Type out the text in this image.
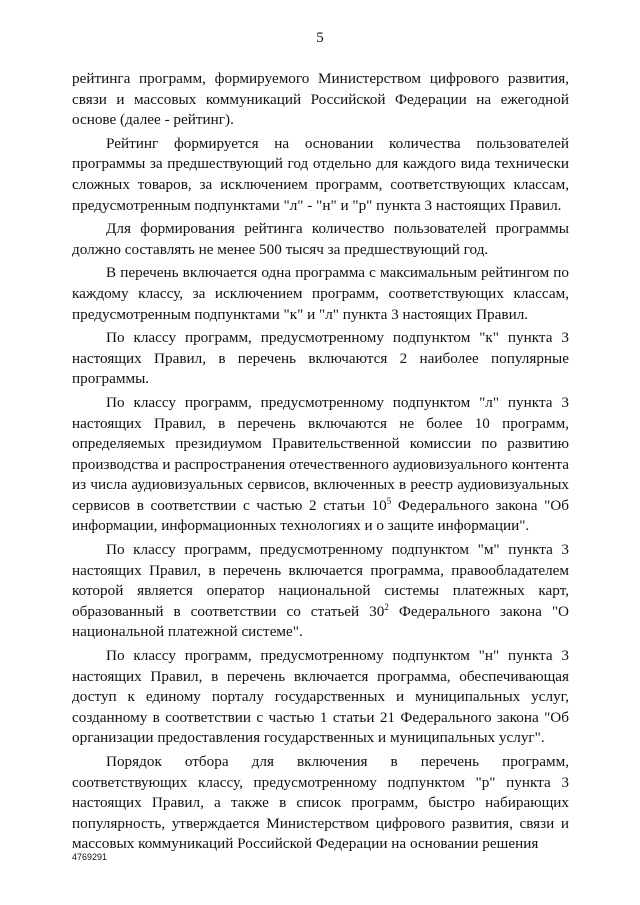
5

рейтинга программ, формируемого Министерством цифрового развития, связи и массовых коммуникаций Российской Федерации на ежегодной основе (далее - рейтинг).

Рейтинг формируется на основании количества пользователей программы за предшествующий год отдельно для каждого вида технически сложных товаров, за исключением программ, соответствующих классам, предусмотренным подпунктами "л" - "н" и "р" пункта 3 настоящих Правил.

Для формирования рейтинга количество пользователей программы должно составлять не менее 500 тысяч за предшествующий год.

В перечень включается одна программа с максимальным рейтингом по каждому классу, за исключением программ, соответствующих классам, предусмотренным подпунктами "к" и "л" пункта 3 настоящих Правил.

По классу программ, предусмотренному подпунктом "к" пункта 3 настоящих Правил, в перечень включаются 2 наиболее популярные программы.

По классу программ, предусмотренному подпунктом "л" пункта 3 настоящих Правил, в перечень включаются не более 10 программ, определяемых президиумом Правительственной комиссии по развитию производства и распространения отечественного аудиовизуального контента из числа аудиовизуальных сервисов, включенных в реестр аудиовизуальных сервисов в соответствии с частью 2 статьи $10^5$ Федерального закона "Об информации, информационных технологиях и о защите информации".

По классу программ, предусмотренному подпунктом "м" пункта 3 настоящих Правил, в перечень включается программа, правообладателем которой является оператор национальной системы платежных карт, образованный в соответствии со статьей $30^2$ Федерального закона "О национальной платежной системе".

По классу программ, предусмотренному подпунктом "н" пункта 3 настоящих Правил, в перечень включается программа, обеспечивающая доступ к единому порталу государственных и муниципальных услуг, созданному в соответствии с частью 1 статьи 21 Федерального закона "Об организации предоставления государственных и муниципальных услуг".

Порядок отбора для включения в перечень программ, соответствующих классу, предусмотренному подпунктом "р" пункта 3 настоящих Правил, а также в список программ, быстро набирающих популярность, утверждается Министерством цифрового развития, связи и массовых коммуникаций Российской Федерации на основании решения

4769291
